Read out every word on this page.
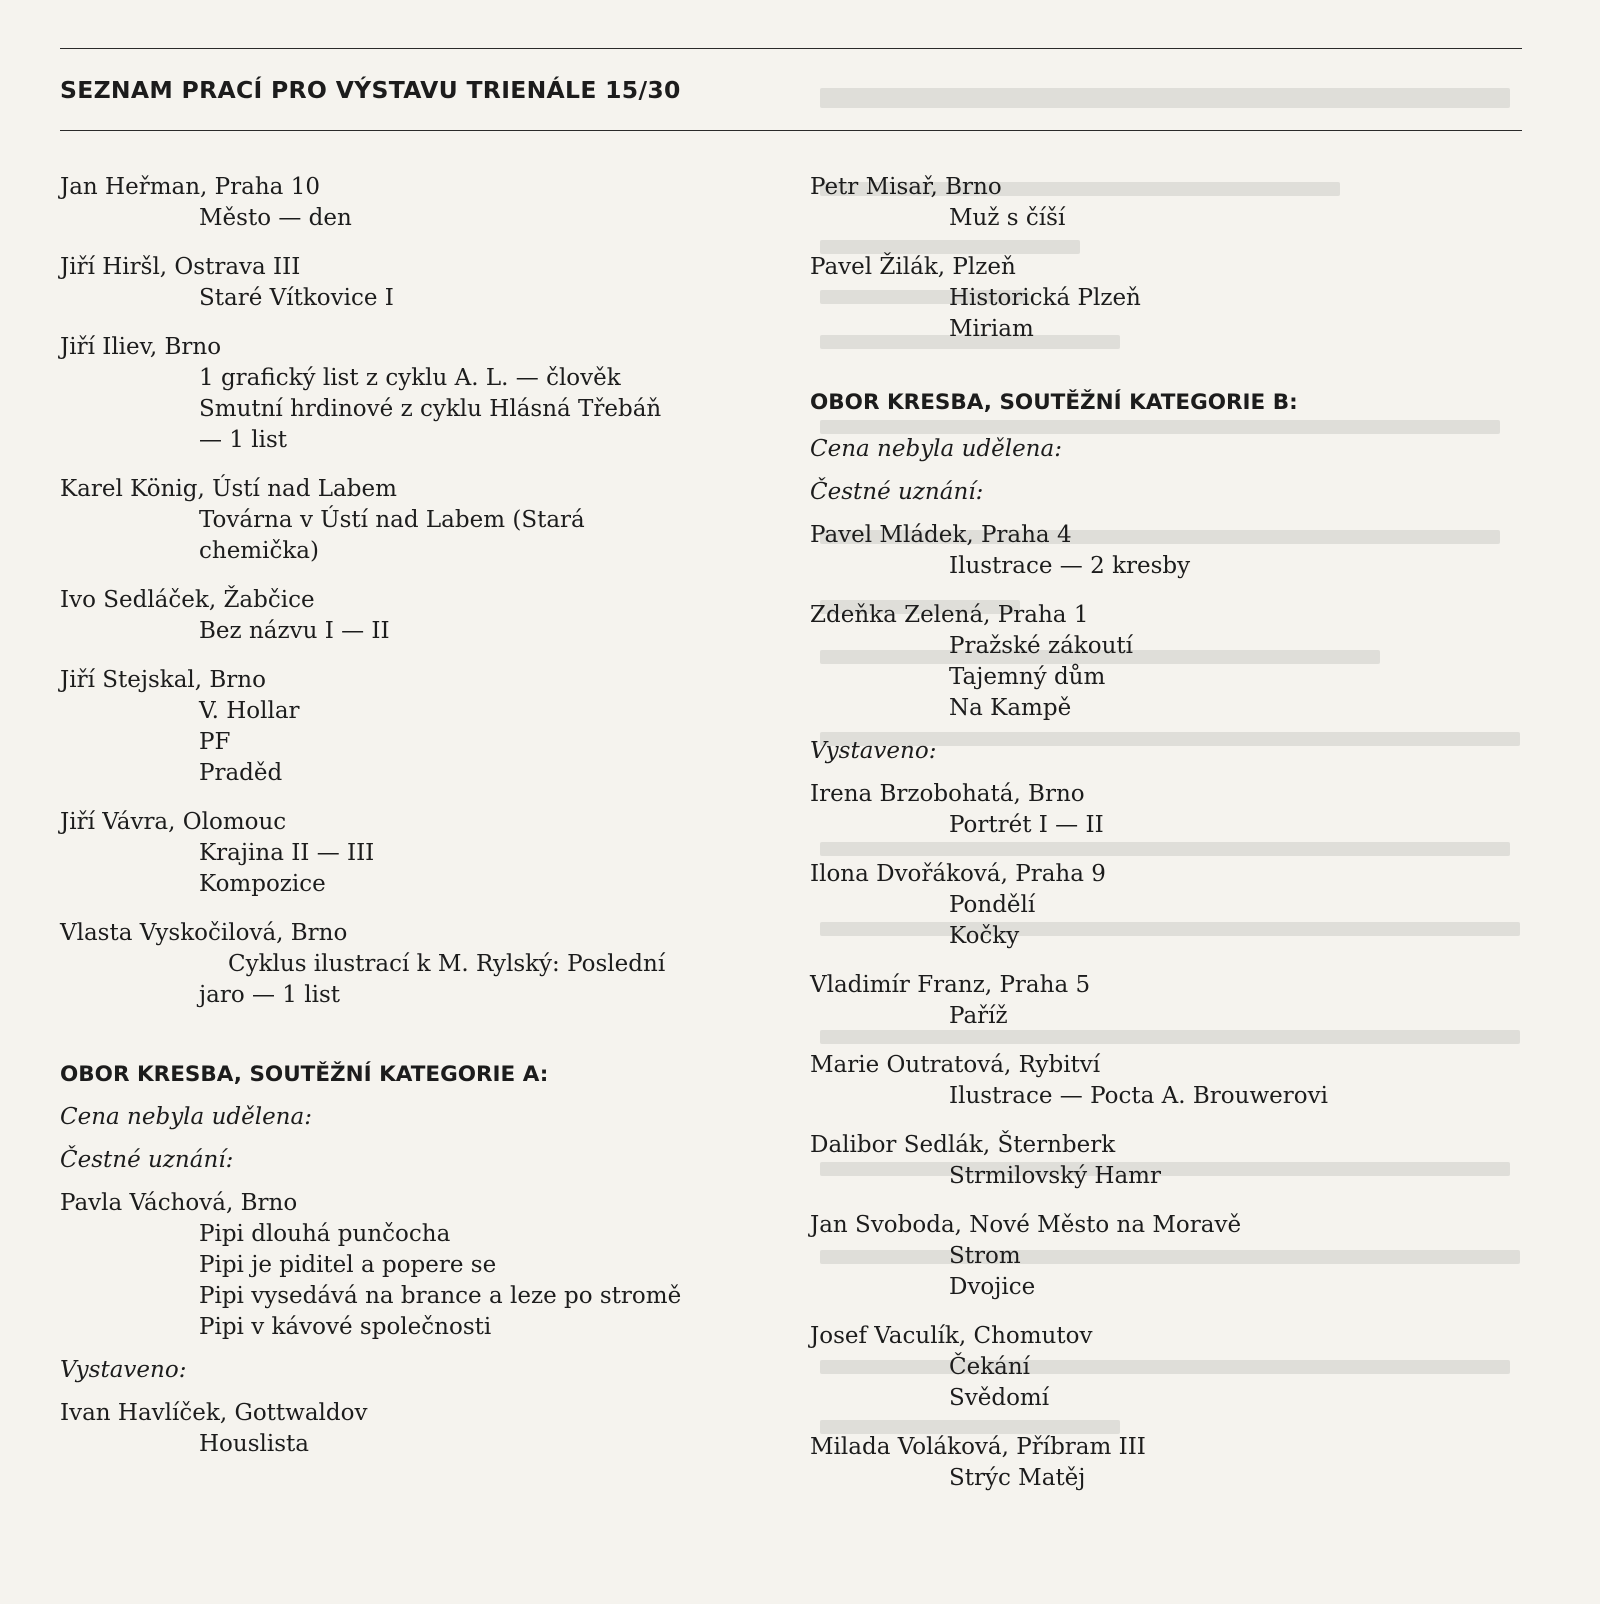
SEZNAM PRACÍ PRO VÝSTAVU TRIENÁLE 15/30
Jan Heřman, Praha 10
Město — den
Jiří Hiršl, Ostrava III
Staré Vítkovice I
Jiří Iliev, Brno
1 grafický list z cyklu A. L. — člověk
Smutní hrdinové z cyklu Hlásná Třebáň
— 1 list
Karel König, Ústí nad Labem
Továrna v Ústí nad Labem (Stará
chemička)
Ivo Sedláček, Žabčice
Bez názvu I — II
Jiří Stejskal, Brno
V. Hollar
PF
Praděd
Jiří Vávra, Olomouc
Krajina II — III
Kompozice
Vlasta Vyskočilová, Brno
Cyklus ilustrací k M. Rylský: Poslední
jaro — 1 list
OBOR KRESBA, SOUTĚŽNÍ KATEGORIE A:
Cena nebyla udělena:
Čestné uznání:
Pavla Váchová, Brno
Pipi dlouhá punčocha
Pipi je piditel a popere se
Pipi vysedává na brance a leze po stromě
Pipi v kávové společnosti
Vystaveno:
Ivan Havlíček, Gottwaldov
Houslista
Petr Misař, Brno
Muž s číší
Pavel Žilák, Plzeň
Historická Plzeň
Miriam
OBOR KRESBA, SOUTĚŽNÍ KATEGORIE B:
Cena nebyla udělena:
Čestné uznání:
Pavel Mládek, Praha 4
Ilustrace — 2 kresby
Zdeňka Zelená, Praha 1
Pražské zákoutí
Tajemný dům
Na Kampě
Vystaveno:
Irena Brzobohatá, Brno
Portrét I — II
Ilona Dvořáková, Praha 9
Pondělí
Kočky
Vladimír Franz, Praha 5
Paříž
Marie Outratová, Rybitví
Ilustrace — Pocta A. Brouwerovi
Dalibor Sedlák, Šternberk
Strmilovský Hamr
Jan Svoboda, Nové Město na Moravě
Strom
Dvojice
Josef Vaculík, Chomutov
Čekání
Svědomí
Milada Voláková, Příbram III
Strýc Matěj
